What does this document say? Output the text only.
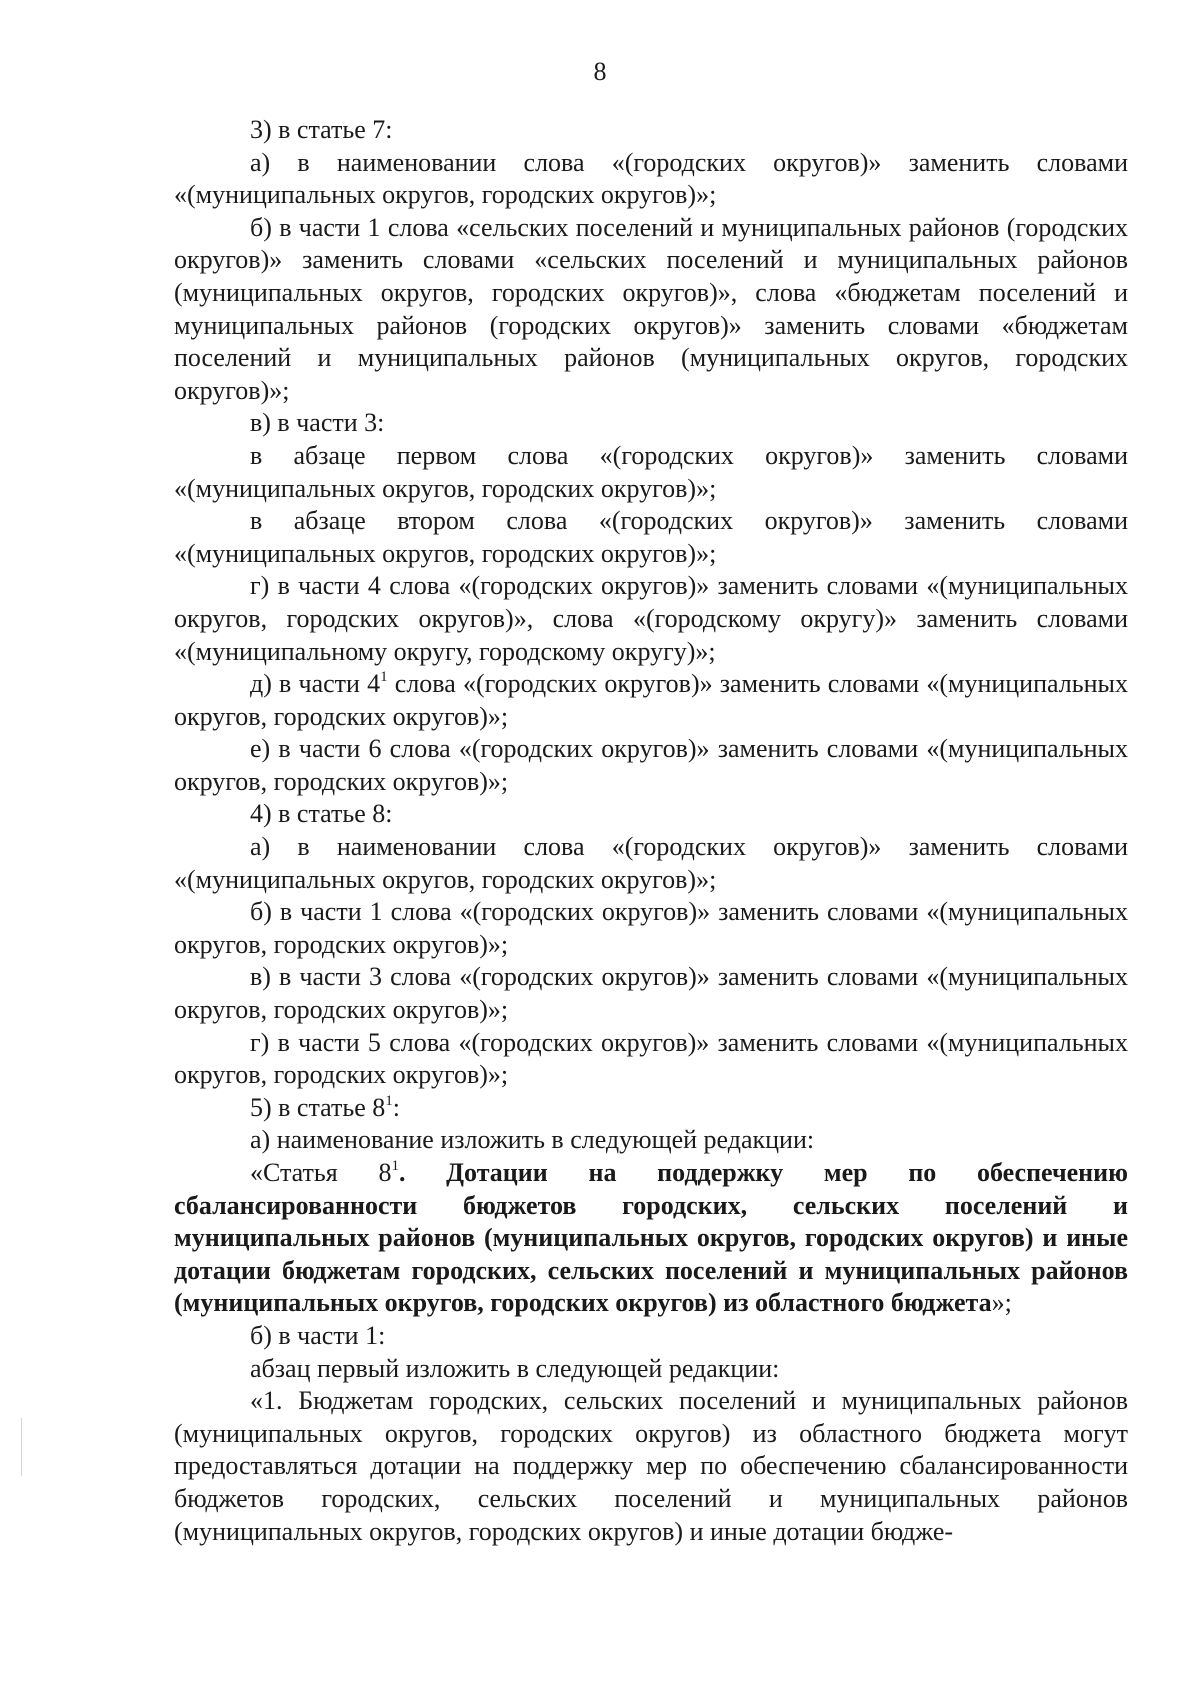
8

3) в статье 7:

а) в наименовании слова «(городских округов)» заменить словами «(муниципальных округов, городских округов)»;

б) в части 1 слова «сельских поселений и муниципальных районов (городских округов)» заменить словами «сельских поселений и муниципальных районов (муниципальных округов, городских округов)», слова «бюджетам поселений и муниципальных районов (городских округов)» заменить словами «бюджетам поселений и муниципальных районов (муниципальных округов, городских округов)»;

в) в части 3:

в абзаце первом слова «(городских округов)» заменить словами «(муниципальных округов, городских округов)»;

в абзаце втором слова «(городских округов)» заменить словами «(муниципальных округов, городских округов)»;

г) в части 4 слова «(городских округов)» заменить словами «(муниципальных округов, городских округов)», слова «(городскому округу)» заменить словами «(муниципальному округу, городскому округу)»;

д) в части $4^1$ слова «(городских округов)» заменить словами «(муниципальных округов, городских округов)»;

е) в части 6 слова «(городских округов)» заменить словами «(муниципальных округов, городских округов)»;

4) в статье 8:

а) в наименовании слова «(городских округов)» заменить словами «(муниципальных округов, городских округов)»;

б) в части 1 слова «(городских округов)» заменить словами «(муниципальных округов, городских округов)»;

в) в части 3 слова «(городских округов)» заменить словами «(муниципальных округов, городских округов)»;

г) в части 5 слова «(городских округов)» заменить словами «(муниципальных округов, городских округов)»;

5) в статье $8^1$:

а) наименование изложить в следующей редакции:

«Статья $8^1$. Дотации на поддержку мер по обеспечению сбалансированности бюджетов городских, сельских поселений и муниципальных районов (муниципальных округов, городских округов) и иные дотации бюджетам городских, сельских поселений и муниципальных районов (муниципальных округов, городских округов) из областного бюджета»;

б) в части 1:

абзац первый изложить в следующей редакции:

«1. Бюджетам городских, сельских поселений и муниципальных районов (муниципальных округов, городских округов) из областного бюджета могут предоставляться дотации на поддержку мер по обеспечению сбалансированности бюджетов городских, сельских поселений и муниципальных районов (муниципальных округов, городских округов) и иные дотации бюдже-
